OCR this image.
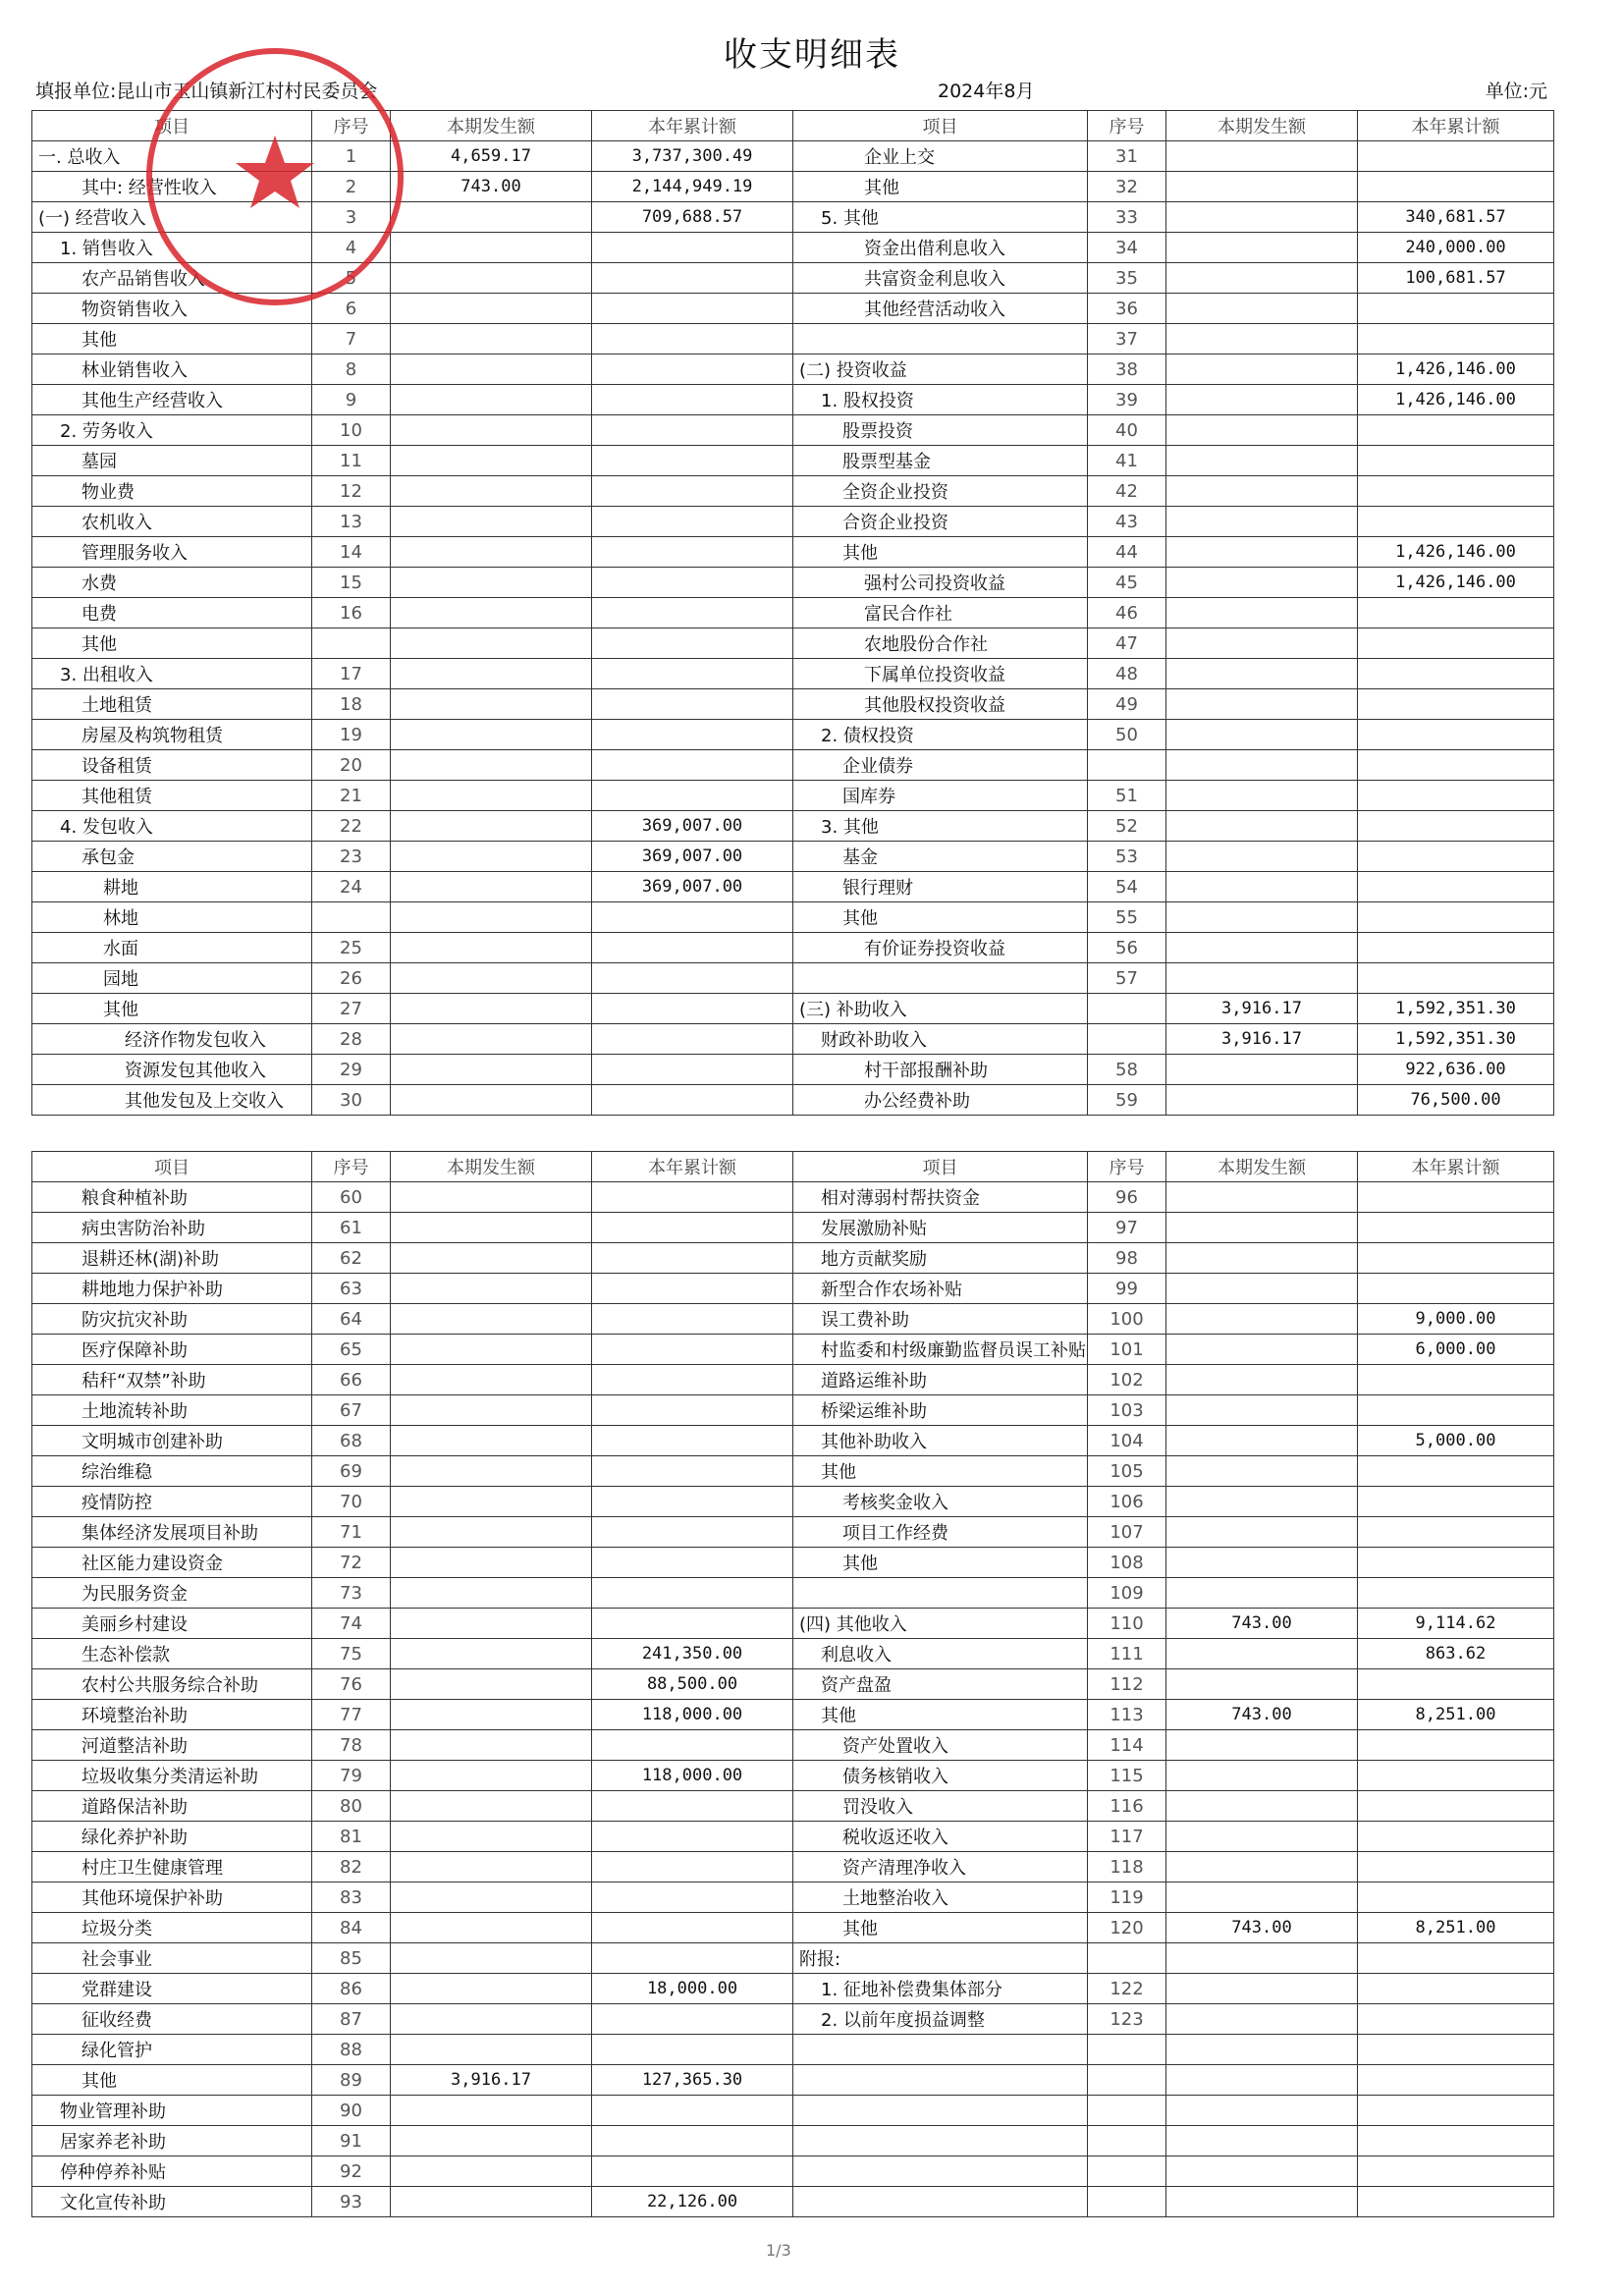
收支明细表
填报单位:昆山市玉山镇新江村村民委员会	2024年8月	单位:元
项目	序号	本期发生额	本年累计额	项目	序号	本期发生额	本年累计额
一. 总收入	1	4,659.17	3,737,300.49	企业上交	31		
其中: 经营性收入	2	743.00	2,144,949.19	其他	32		
(一) 经营收入	3		709,688.57	5. 其他	33		340,681.57
1. 销售收入	4			资金出借利息收入	34		240,000.00
农产品销售收入	5			共富资金利息收入	35		100,681.57
物资销售收入	6			其他经营活动收入	36		
其他	7				37		
林业销售收入	8			(二) 投资收益	38		1,426,146.00
其他生产经营收入	9			1. 股权投资	39		1,426,146.00
2. 劳务收入	10			股票投资	40		
墓园	11			股票型基金	41		
物业费	12			全资企业投资	42		
农机收入	13			合资企业投资	43		
管理服务收入	14			其他	44		1,426,146.00
水费	15			强村公司投资收益	45		1,426,146.00
电费	16			富民合作社	46		
其他				农地股份合作社	47		
3. 出租收入	17			下属单位投资收益	48		
土地租赁	18			其他股权投资收益	49		
房屋及构筑物租赁	19			2. 债权投资	50		
设备租赁	20			企业债券			
其他租赁	21			国库券	51		
4. 发包收入	22		369,007.00	3. 其他	52		
承包金	23		369,007.00	基金	53		
耕地	24		369,007.00	银行理财	54		
林地				其他	55		
水面	25			有价证券投资收益	56		
园地	26				57		
其他	27			(三) 补助收入		3,916.17	1,592,351.30
经济作物发包收入	28			财政补助收入		3,916.17	1,592,351.30
资源发包其他收入	29			村干部报酬补助	58		922,636.00
其他发包及上交收入	30			办公经费补助	59		76,500.00
项目	序号	本期发生额	本年累计额	项目	序号	本期发生额	本年累计额
粮食种植补助	60			相对薄弱村帮扶资金	96		
病虫害防治补助	61			发展激励补贴	97		
退耕还林(湖)补助	62			地方贡献奖励	98		
耕地地力保护补助	63			新型合作农场补贴	99		
防灾抗灾补助	64			误工费补助	100		9,000.00
医疗保障补助	65			村监委和村级廉勤监督员误工补贴	101		6,000.00
秸秆“双禁”补助	66			道路运维补助	102		
土地流转补助	67			桥梁运维补助	103		
文明城市创建补助	68			其他补助收入	104		5,000.00
综治维稳	69			其他	105		
疫情防控	70			考核奖金收入	106		
集体经济发展项目补助	71			项目工作经费	107		
社区能力建设资金	72			其他	108		
为民服务资金	73				109		
美丽乡村建设	74			(四) 其他收入	110	743.00	9,114.62
生态补偿款	75		241,350.00	利息收入	111		863.62
农村公共服务综合补助	76		88,500.00	资产盘盈	112		
环境整治补助	77		118,000.00	其他	113	743.00	8,251.00
河道整洁补助	78			资产处置收入	114		
垃圾收集分类清运补助	79		118,000.00	债务核销收入	115		
道路保洁补助	80			罚没收入	116		
绿化养护补助	81			税收返还收入	117		
村庄卫生健康管理	82			资产清理净收入	118		
其他环境保护补助	83			土地整治收入	119		
垃圾分类	84			其他	120	743.00	8,251.00
社会事业	85			附报:			
党群建设	86		18,000.00	1. 征地补偿费集体部分	122		
征收经费	87			2. 以前年度损益调整	123		
绿化管护	88						
其他	89	3,916.17	127,365.30				
物业管理补助	90						
居家养老补助	91						
停种停养补贴	92						
文化宣传补助	93		22,126.00				
1/3
